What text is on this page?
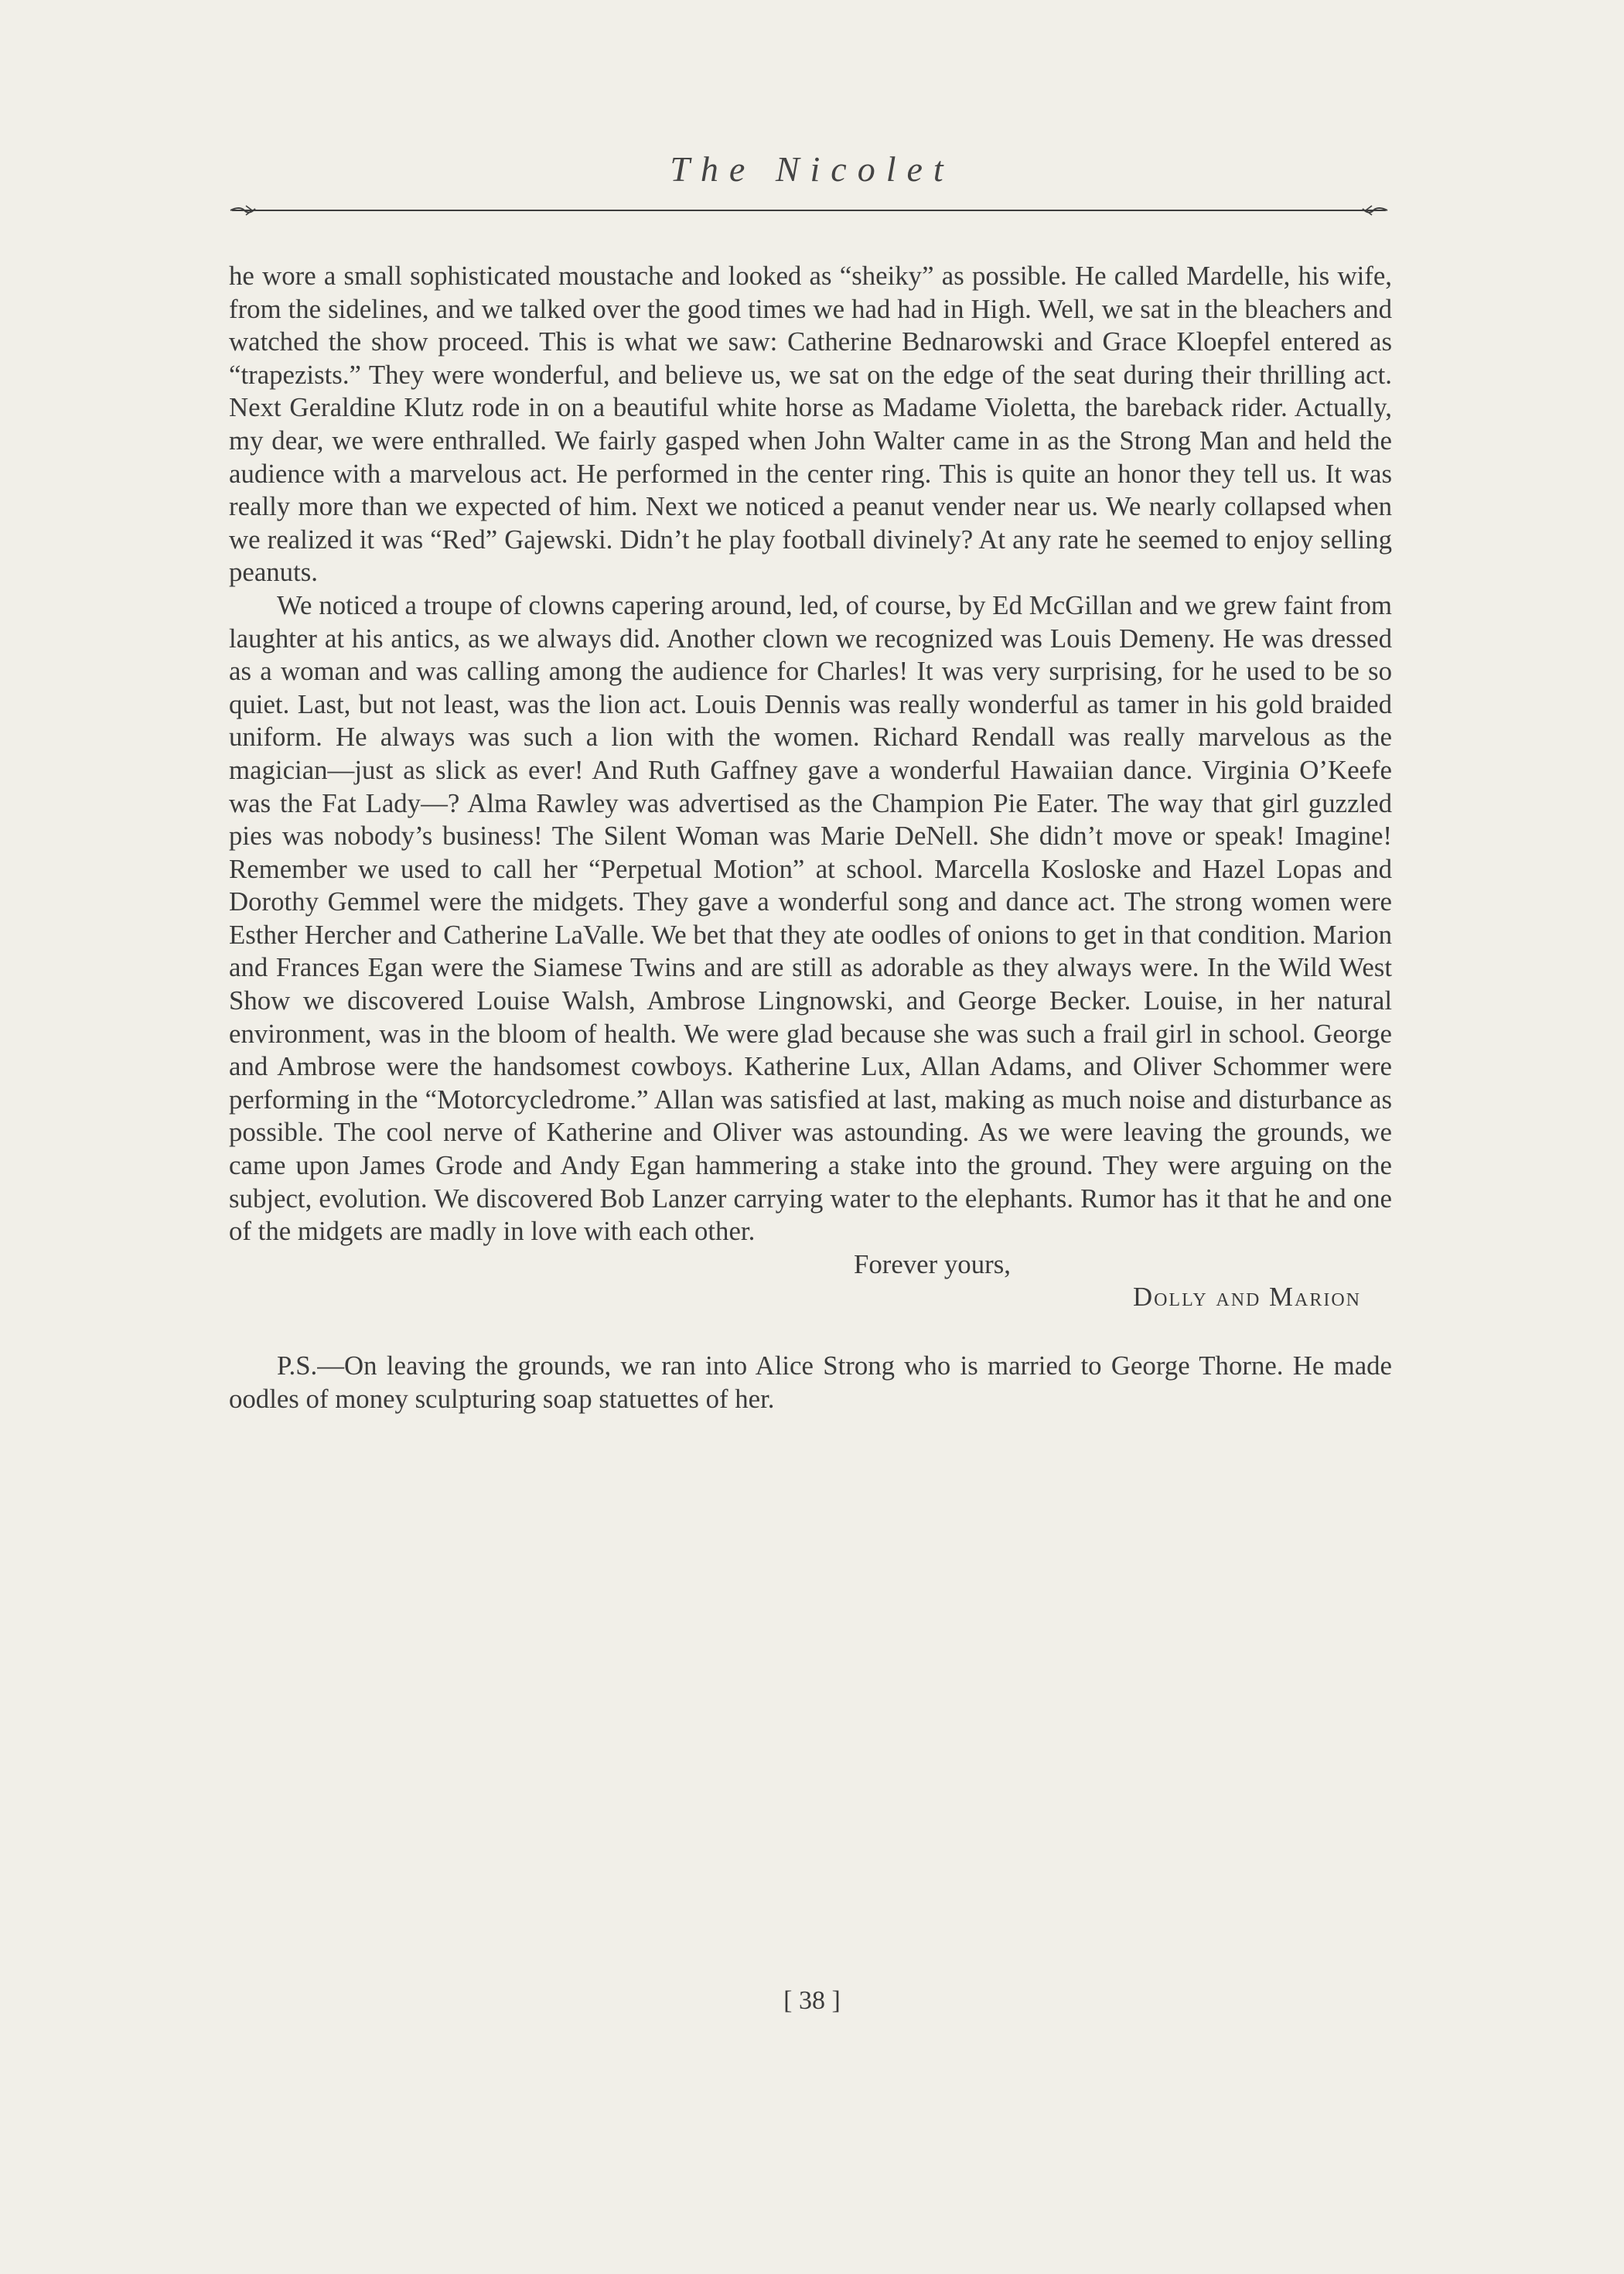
The Nicolet

he wore a small sophisticated moustache and looked as “sheiky” as possible. He called Mardelle, his wife, from the sidelines, and we talked over the good times we had had in High. Well, we sat in the bleachers and watched the show proceed. This is what we saw: Catherine Bednarowski and Grace Kloepfel entered as “trapezists.” They were wonderful, and believe us, we sat on the edge of the seat during their thrilling act. Next Geraldine Klutz rode in on a beautiful white horse as Madame Violetta, the bareback rider. Actually, my dear, we were enthralled. We fairly gasped when John Walter came in as the Strong Man and held the audience with a marvelous act. He performed in the center ring. This is quite an honor they tell us. It was really more than we expected of him. Next we noticed a peanut vender near us. We nearly collapsed when we realized it was “Red” Gajewski. Didn’t he play football divinely? At any rate he seemed to enjoy selling peanuts.

We noticed a troupe of clowns capering around, led, of course, by Ed McGillan and we grew faint from laughter at his antics, as we always did. Another clown we recognized was Louis Demeny. He was dressed as a woman and was calling among the audience for Charles! It was very surprising, for he used to be so quiet. Last, but not least, was the lion act. Louis Dennis was really wonderful as tamer in his gold braided uniform. He always was such a lion with the women. Richard Rendall was really marvelous as the magician—just as slick as ever! And Ruth Gaffney gave a wonderful Hawaiian dance. Virginia O’Keefe was the Fat Lady—? Alma Rawley was advertised as the Champion Pie Eater. The way that girl guzzled pies was nobody’s business! The Silent Woman was Marie DeNell. She didn’t move or speak! Imagine! Remember we used to call her “Perpetual Motion” at school. Marcella Kosloske and Hazel Lopas and Dorothy Gemmel were the midgets. They gave a wonderful song and dance act. The strong women were Esther Hercher and Catherine LaValle. We bet that they ate oodles of onions to get in that condition. Marion and Frances Egan were the Siamese Twins and are still as adorable as they always were. In the Wild West Show we discovered Louise Walsh, Ambrose Lingnowski, and George Becker. Louise, in her natural environment, was in the bloom of health. We were glad because she was such a frail girl in school. George and Ambrose were the handsomest cowboys. Katherine Lux, Allan Adams, and Oliver Schommer were performing in the “Motorcycledrome.” Allan was satisfied at last, making as much noise and disturbance as possible. The cool nerve of Katherine and Oliver was astounding. As we were leaving the grounds, we came upon James Grode and Andy Egan hammering a stake into the ground. They were arguing on the subject, evolution. We discovered Bob Lanzer carrying water to the elephants. Rumor has it that he and one of the midgets are madly in love with each other.

Forever yours,

Dolly and Marion

P.S.—On leaving the grounds, we ran into Alice Strong who is married to George Thorne. He made oodles of money sculpturing soap statuettes of her.

[ 38 ]
